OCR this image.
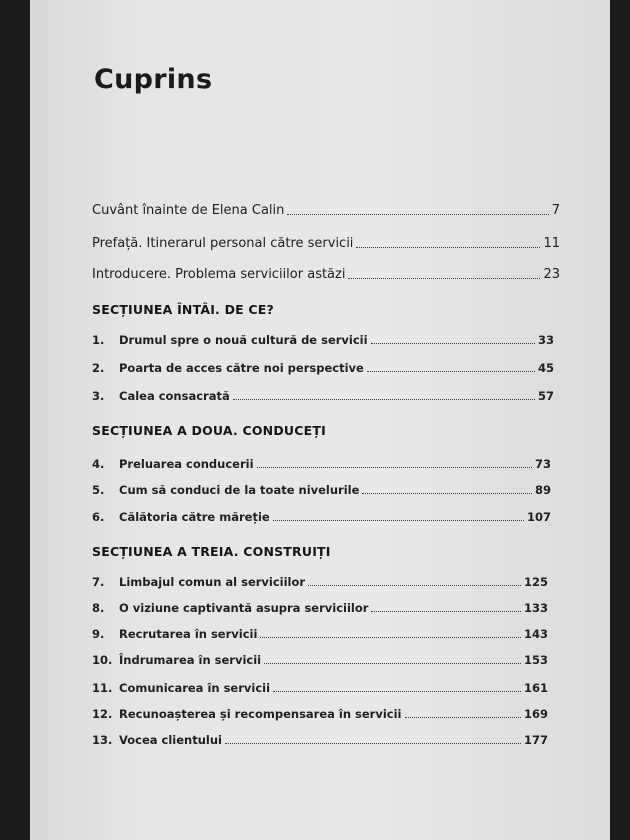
Cuprins
Cuvânt înainte de Elena Calin	7
Prefață. Itinerarul personal către servicii	11
Introducere. Problema serviciilor astăzi	23
SECȚIUNEA ÎNTÂI. DE CE?
1. Drumul spre o nouă cultură de servicii	33
2. Poarta de acces către noi perspective	45
3. Calea consacrată	57
SECȚIUNEA A DOUA. CONDUCEȚI
4. Preluarea conducerii	73
5. Cum să conduci de la toate nivelurile	89
6. Călătoria către măreție	107
SECȚIUNEA A TREIA. CONSTRUIȚI
7. Limbajul comun al serviciilor	125
8. O viziune captivantă asupra serviciilor	133
9. Recrutarea în servicii	143
10. Îndrumarea în servicii	153
11. Comunicarea în servicii	161
12. Recunoașterea și recompensarea în servicii	169
13. Vocea clientului	177
